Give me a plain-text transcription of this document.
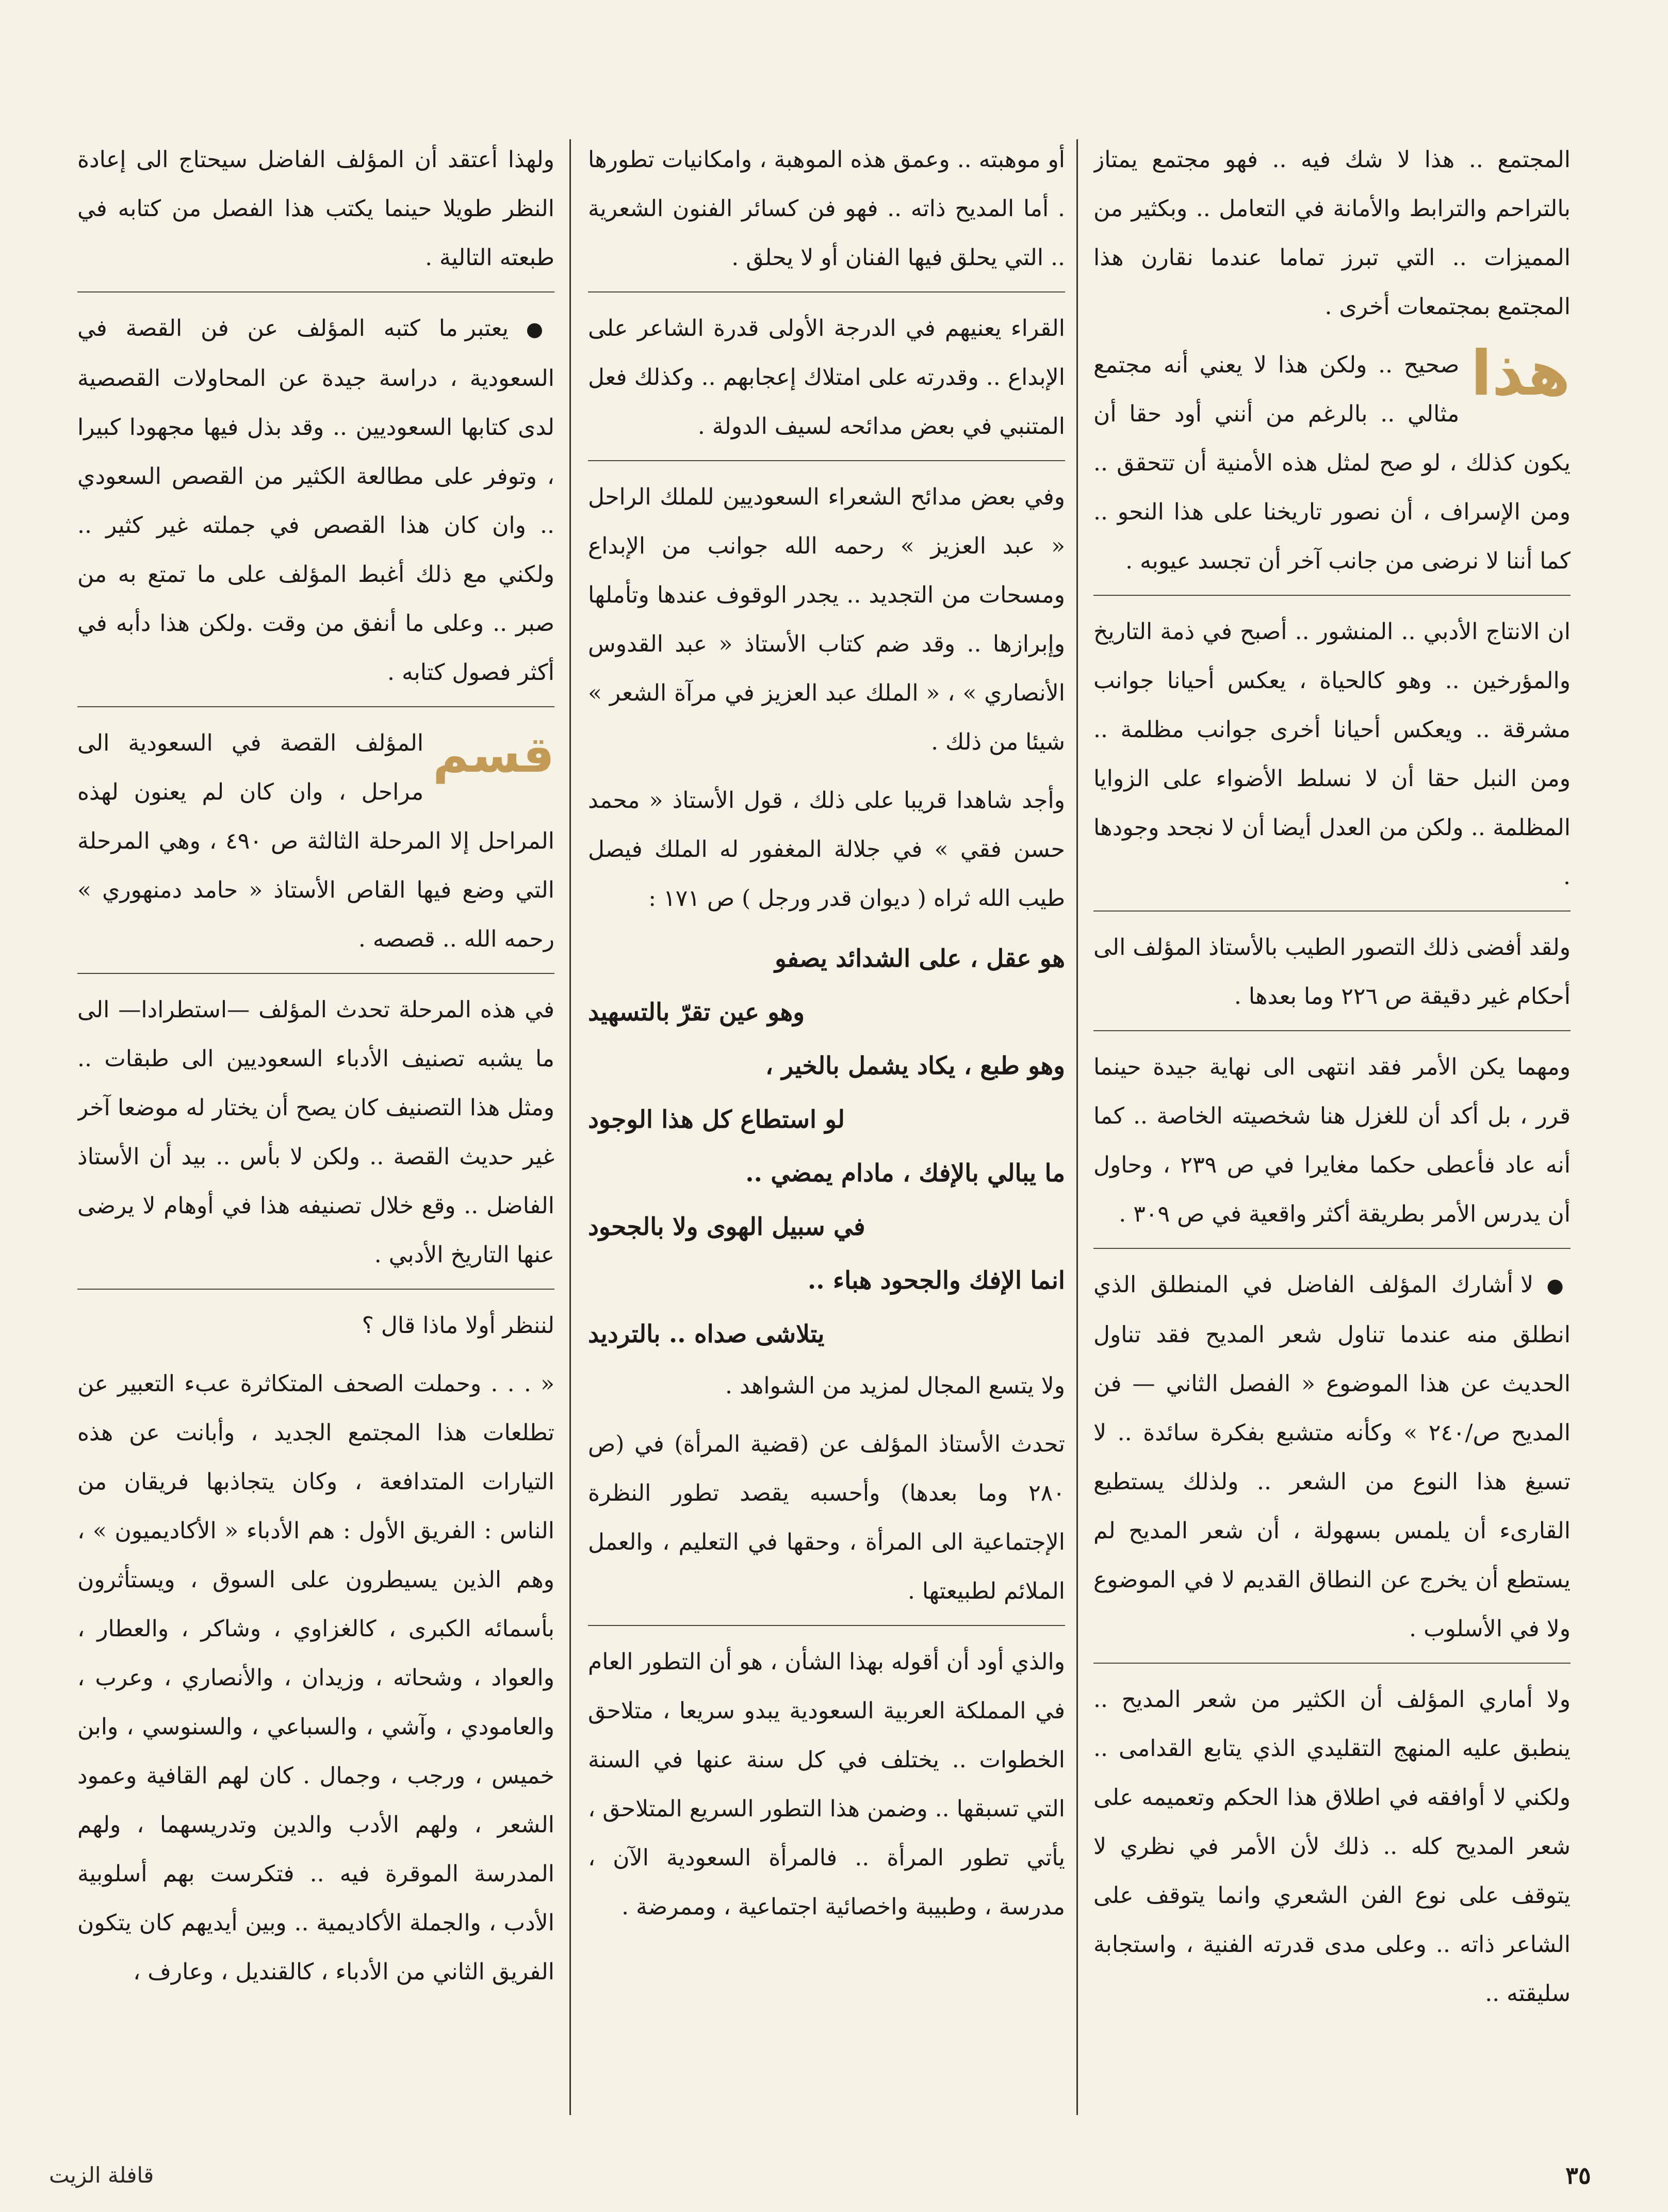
المجتمع .. هذا لا شك فيه .. فهو مجتمع يمتاز بالتراحم والترابط والأمانة في التعامل .. وبكثير من المميزات .. التي تبرز تماما عندما نقارن هذا المجتمع بمجتمعات أخرى .

هذا
صحيح .. ولكن هذا لا يعني أنه مجتمع مثالي .. بالرغم من أنني أود حقا أن يكون كذلك ، لو صح لمثل هذه الأمنية أن تتحقق .. ومن الإسراف ، أن نصور تاريخنا على هذا النحو .. كما أننا لا نرضى من جانب آخر أن تجسد عيوبه .

ان الانتاج الأدبي .. المنشور .. أصبح في ذمة التاريخ والمؤرخين .. وهو كالحياة ، يعكس أحيانا جوانب مشرقة .. ويعكس أحيانا أخرى جوانب مظلمة .. ومن النبل حقا أن لا نسلط الأضواء على الزوايا المظلمة .. ولكن من العدل أيضا أن لا نجحد وجودها .

ولقد أفضى ذلك التصور الطيب بالأستاذ المؤلف الى أحكام غير دقيقة ص ٢٢٦ وما بعدها .

ومهما يكن الأمر فقد انتهى الى نهاية جيدة حينما قرر ، بل أكد أن للغزل هنا شخصيته الخاصة .. كما أنه عاد فأعطى حكما مغايرا في ص ٢٣٩ ، وحاول أن يدرس الأمر بطريقة أكثر واقعية في ص ٣٠٩ .

● لا أشارك المؤلف الفاضل في المنطلق الذي انطلق منه عندما تناول شعر المديح فقد تناول الحديث عن هذا الموضوع « الفصل الثاني — فن المديح ص/٢٤٠ » وكأنه متشبع بفكرة سائدة .. لا تسيغ هذا النوع من الشعر .. ولذلك يستطيع القارىء أن يلمس بسهولة ، أن شعر المديح لم يستطع أن يخرج عن النطاق القديم لا في الموضوع ولا في الأسلوب .

ولا أماري المؤلف أن الكثير من شعر المديح .. ينطبق عليه المنهج التقليدي الذي يتابع القدامى .. ولكني لا أوافقه في اطلاق هذا الحكم وتعميمه على شعر المديح كله .. ذلك لأن الأمر في نظري لا يتوقف على نوع الفن الشعري وانما يتوقف على الشاعر ذاته .. وعلى مدى قدرته الفنية ، واستجابة سليقته ..

أو موهبته .. وعمق هذه الموهبة ، وامكانيات تطورها . أما المديح ذاته .. فهو فن كسائر الفنون الشعرية .. التي يحلق فيها الفنان أو لا يحلق .

القراء يعنيهم في الدرجة الأولى قدرة الشاعر على الإبداع .. وقدرته على امتلاك إعجابهم .. وكذلك فعل المتنبي في بعض مدائحه لسيف الدولة .

وفي بعض مدائح الشعراء السعوديين للملك الراحل « عبد العزيز » رحمه الله جوانب من الإبداع ومسحات من التجديد .. يجدر الوقوف عندها وتأملها وإبرازها .. وقد ضم كتاب الأستاذ « عبد القدوس الأنصاري » ، « الملك عبد العزيز في مرآة الشعر » شيئا من ذلك .

وأجد شاهدا قريبا على ذلك ، قول الأستاذ « محمد حسن فقي » في جلالة المغفور له الملك فيصل طيب الله ثراه ( ديوان قدر ورجل ) ص ١٧١ :

هو عقل ، على الشدائد يصفو
وهو عين تقرّ بالتسهيد
وهو طبع ، يكاد يشمل بالخير ،
لو استطاع كل هذا الوجود
ما يبالي بالإفك ، مادام يمضي ..
في سبيل الهوى ولا بالجحود
انما الإفك والجحود هباء ..
يتلاشى صداه .. بالترديد

ولا يتسع المجال لمزيد من الشواهد .

تحدث الأستاذ المؤلف عن (قضية المرأة) في (ص ٢٨٠ وما بعدها) وأحسبه يقصد تطور النظرة الإجتماعية الى المرأة ، وحقها في التعليم ، والعمل الملائم لطبيعتها .

والذي أود أن أقوله بهذا الشأن ، هو أن التطور العام في المملكة العربية السعودية يبدو سريعا ، متلاحق الخطوات .. يختلف في كل سنة عنها في السنة التي تسبقها .. وضمن هذا التطور السريع المتلاحق ، يأتي تطور المرأة .. فالمرأة السعودية الآن ، مدرسة ، وطبيبة واخصائية اجتماعية ، وممرضة .

ولهذا أعتقد أن المؤلف الفاضل سيحتاج الى إعادة النظر طويلا حينما يكتب هذا الفصل من كتابه في طبعته التالية .

● يعتبر ما كتبه المؤلف عن فن القصة في السعودية ، دراسة جيدة عن المحاولات القصصية لدى كتابها السعوديين .. وقد بذل فيها مجهودا كبيرا ، وتوفر على مطالعة الكثير من القصص السعودي .. وان كان هذا القصص في جملته غير كثير .. ولكني مع ذلك أغبط المؤلف على ما تمتع به من صبر .. وعلى ما أنفق من وقت .ولكن هذا دأبه في أكثر فصول كتابه .

قسم
المؤلف القصة في السعودية الى مراحل ، وان كان لم يعنون لهذه المراحل إلا المرحلة الثالثة ص ٤٩٠ ، وهي المرحلة التي وضع فيها القاص الأستاذ « حامد دمنهوري » رحمه الله .. قصصه .

في هذه المرحلة تحدث المؤلف —استطرادا— الى ما يشبه تصنيف الأدباء السعوديين الى طبقات .. ومثل هذا التصنيف كان يصح أن يختار له موضعا آخر غير حديث القصة .. ولكن لا بأس .. بيد أن الأستاذ الفاضل .. وقع خلال تصنيفه هذا في أوهام لا يرضى عنها التاريخ الأدبي .

لننظر أولا ماذا قال ؟

« . . . وحملت الصحف المتكاثرة عبء التعبير عن تطلعات هذا المجتمع الجديد ، وأبانت عن هذه التيارات المتدافعة ، وكان يتجاذبها فريقان من الناس : الفريق الأول : هم الأدباء « الأكاديميون » ، وهم الذين يسيطرون على السوق ، ويستأثرون بأسمائه الكبرى ، كالغزاوي ، وشاكر ، والعطار ، والعواد ، وشحاته ، وزيدان ، والأنصاري ، وعرب ، والعامودي ، وآشي ، والسباعي ، والسنوسي ، وابن خميس ، ورجب ، وجمال . كان لهم القافية وعمود الشعر ، ولهم الأدب والدين وتدريسهما ، ولهم المدرسة الموقرة فيه .. فتكرست بهم أسلوبية الأدب ، والجملة الأكاديمية .. وبين أيديهم كان يتكون الفريق الثاني من الأدباء ، كالقنديل ، وعارف ،

٣٥
قافلة الزيت
